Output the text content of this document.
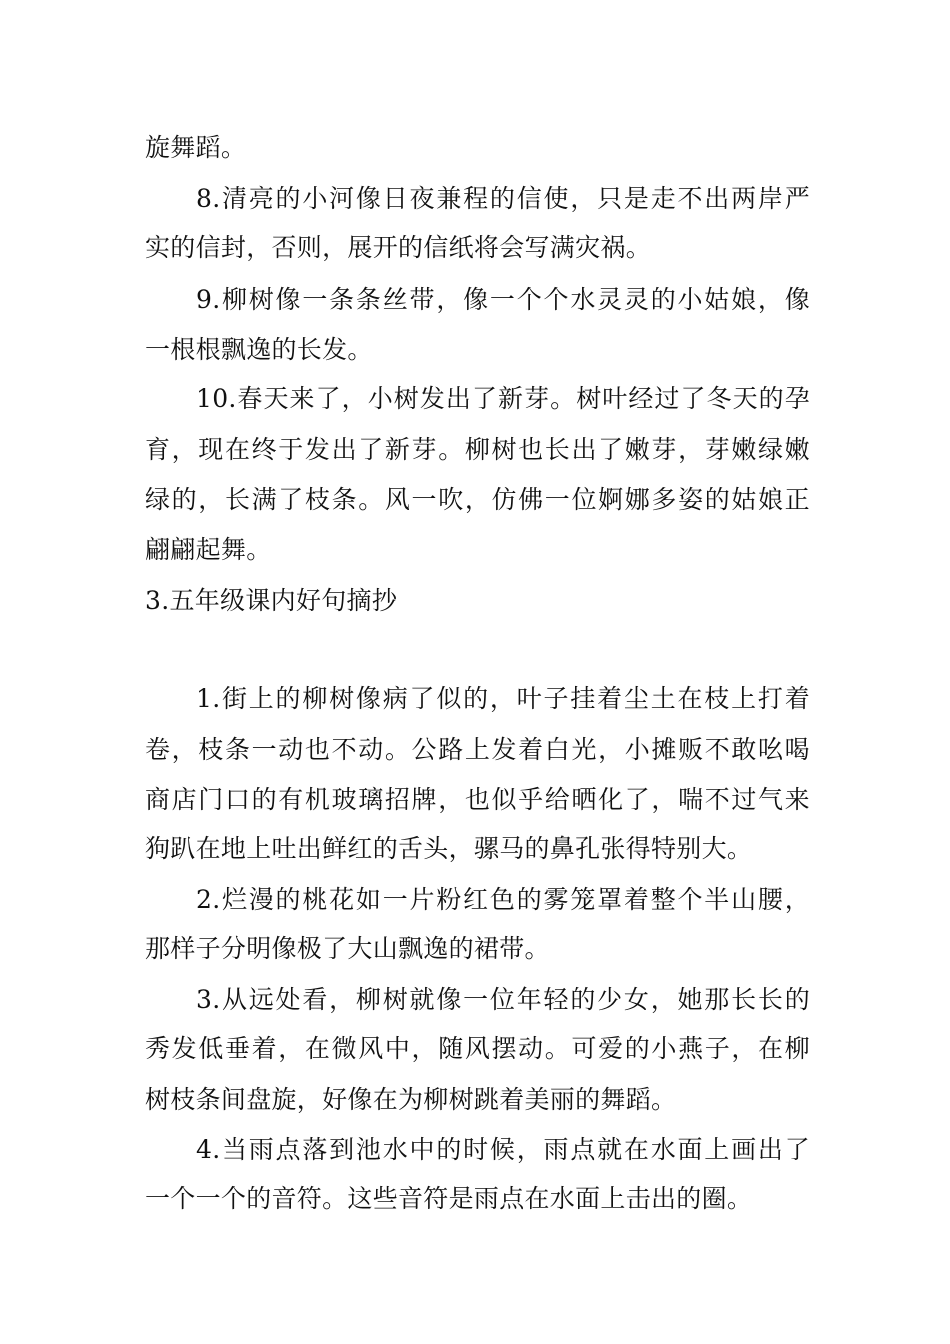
旋舞蹈。
8.清亮的小河像日夜兼程的信使，只是走不出两岸严
实的信封，否则，展开的信纸将会写满灾祸。
9.柳树像一条条丝带，像一个个水灵灵的小姑娘，像
一根根飘逸的长发。
10.春天来了，小树发出了新芽。树叶经过了冬天的孕
育，现在终于发出了新芽。柳树也长出了嫩芽，芽嫩绿嫩
绿的，长满了枝条。风一吹，仿佛一位婀娜多姿的姑娘正
翩翩起舞。
3.五年级课内好句摘抄
1.街上的柳树像病了似的，叶子挂着尘土在枝上打着
卷，枝条一动也不动。公路上发着白光，小摊贩不敢吆喝
商店门口的有机玻璃招牌，也似乎给晒化了，喘不过气来
狗趴在地上吐出鲜红的舌头，骡马的鼻孔张得特别大。
2.烂漫的桃花如一片粉红色的雾笼罩着整个半山腰，
那样子分明像极了大山飘逸的裙带。
3.从远处看，柳树就像一位年轻的少女，她那长长的
秀发低垂着，在微风中，随风摆动。可爱的小燕子，在柳
树枝条间盘旋，好像在为柳树跳着美丽的舞蹈。
4.当雨点落到池水中的时候，雨点就在水面上画出了
一个一个的音符。这些音符是雨点在水面上击出的圈。
